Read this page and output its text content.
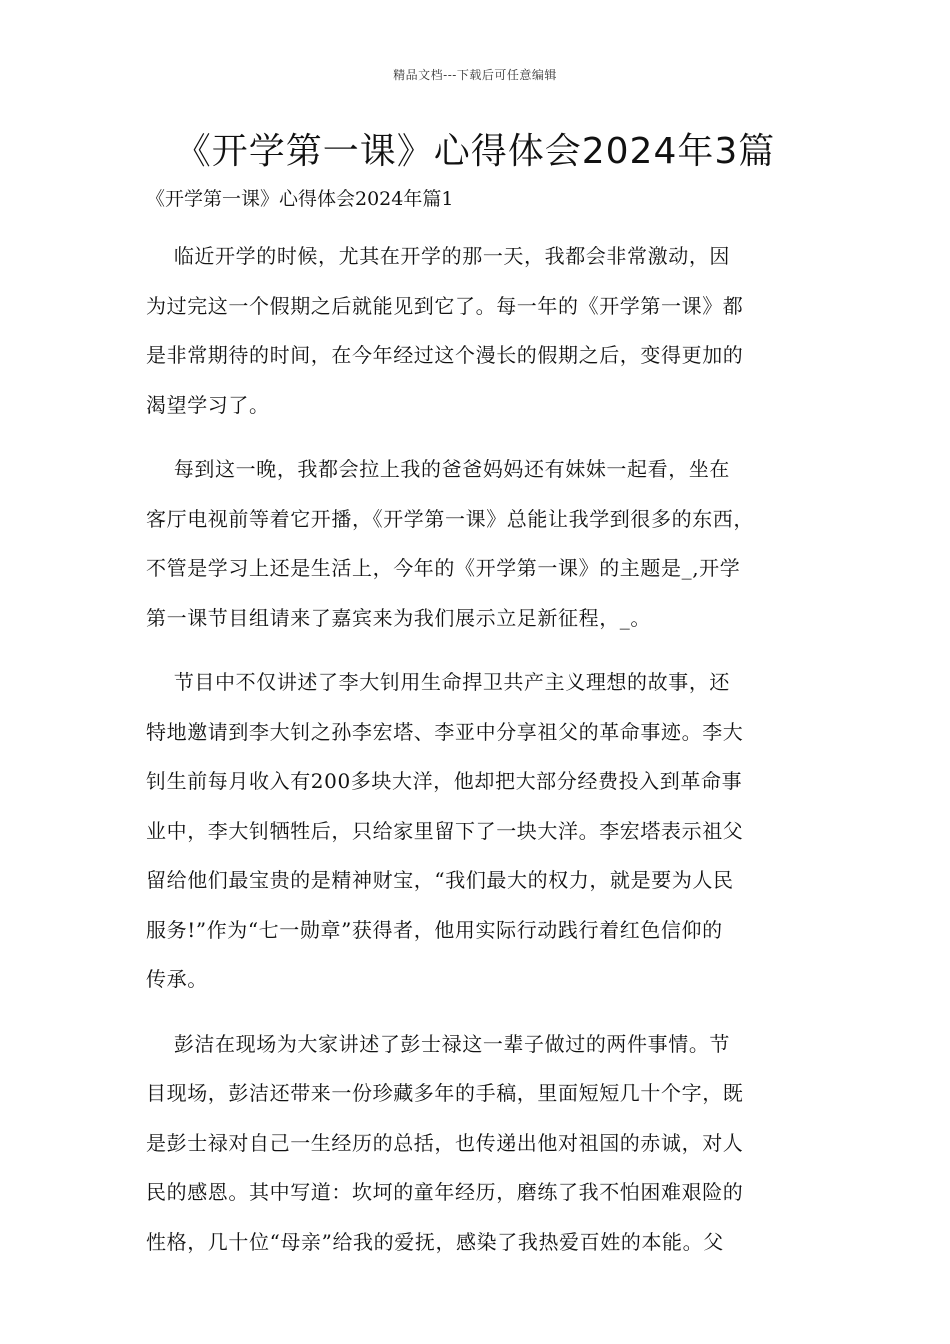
精品文档---下载后可任意编辑
《开学第一课》心得体会2024年3篇
《开学第一课》心得体会2024年篇1

临近开学的时候，尤其在开学的那一天，我都会非常激动，因
为过完这一个假期之后就能见到它了。每一年的《开学第一课》都
是非常期待的时间，在今年经过这个漫长的假期之后，变得更加的
渴望学习了。

每到这一晚，我都会拉上我的爸爸妈妈还有妹妹一起看，坐在
客厅电视前等着它开播，《开学第一课》总能让我学到很多的东西，
不管是学习上还是生活上，今年的《开学第一课》的主题是_,开学
第一课节目组请来了嘉宾来为我们展示立足新征程，_。

节目中不仅讲述了李大钊用生命捍卫共产主义理想的故事，还
特地邀请到李大钊之孙李宏塔、李亚中分享祖父的革命事迹。李大
钊生前每月收入有200多块大洋，他却把大部分经费投入到革命事
业中，李大钊牺牲后，只给家里留下了一块大洋。李宏塔表示祖父
留给他们最宝贵的是精神财宝，“我们最大的权力，就是要为人民
服务!”作为“七一勋章”获得者，他用实际行动践行着红色信仰的
传承。

彭洁在现场为大家讲述了彭士禄这一辈子做过的两件事情。节
目现场，彭洁还带来一份珍藏多年的手稿，里面短短几十个字，既
是彭士禄对自己一生经历的总括，也传递出他对祖国的赤诚，对人
民的感恩。其中写道：坎坷的童年经历，磨练了我不怕困难艰险的
性格，几十位“母亲”给我的爱抚，感染了我热爱百姓的本能。父
